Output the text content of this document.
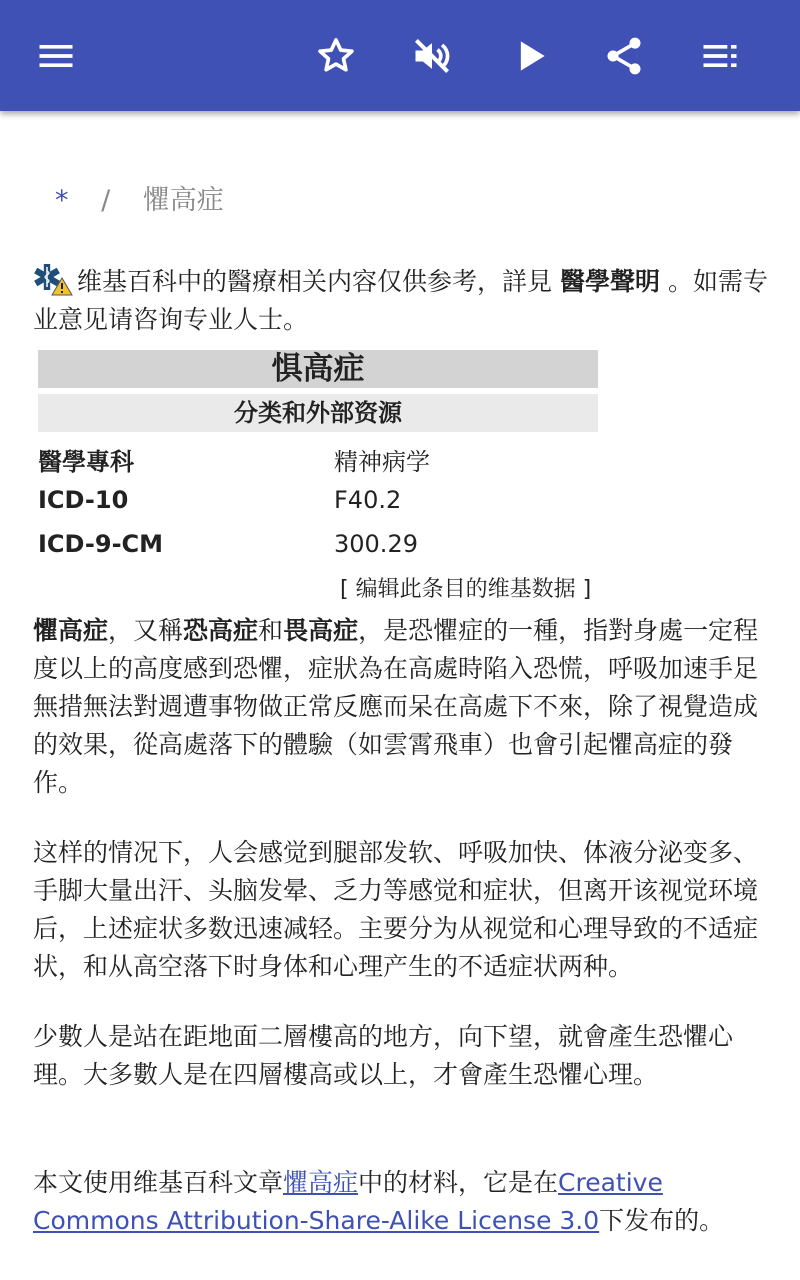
* / 懼高症
维基百科中的醫療相关内容仅供参考，詳見 醫學聲明 。如需专业意见请咨询专业人士。
惧高症
分类和外部资源
醫學專科	精神病学
ICD-10	F40.2
ICD-9-CM	300.29
[ 编辑此条目的维基数据 ]
懼高症，又稱恐高症和畏高症，是恐懼症的一種，指對身處一定程度以上的高度感到恐懼，症狀為在高處時陷入恐慌，呼吸加速手足無措無法對週遭事物做正常反應而呆在高處下不來，除了視覺造成的效果，從高處落下的體驗（如雲霄飛車）也會引起懼高症的發作。
这样的情况下，人会感觉到腿部发软、呼吸加快、体液分泌变多、手脚大量出汗、头脑发晕、乏力等感觉和症状，但离开该视觉环境后，上述症状多数迅速减轻。主要分为从视觉和心理导致的不适症状，和从高空落下时身体和心理产生的不适症状两种。
少數人是站在距地面二層樓高的地方，向下望，就會產生恐懼心理。大多數人是在四層樓高或以上，才會產生恐懼心理。
本文使用维基百科文章懼高症中的材料，它是在Creative Commons Attribution-Share-Alike License 3.0下发布的。
